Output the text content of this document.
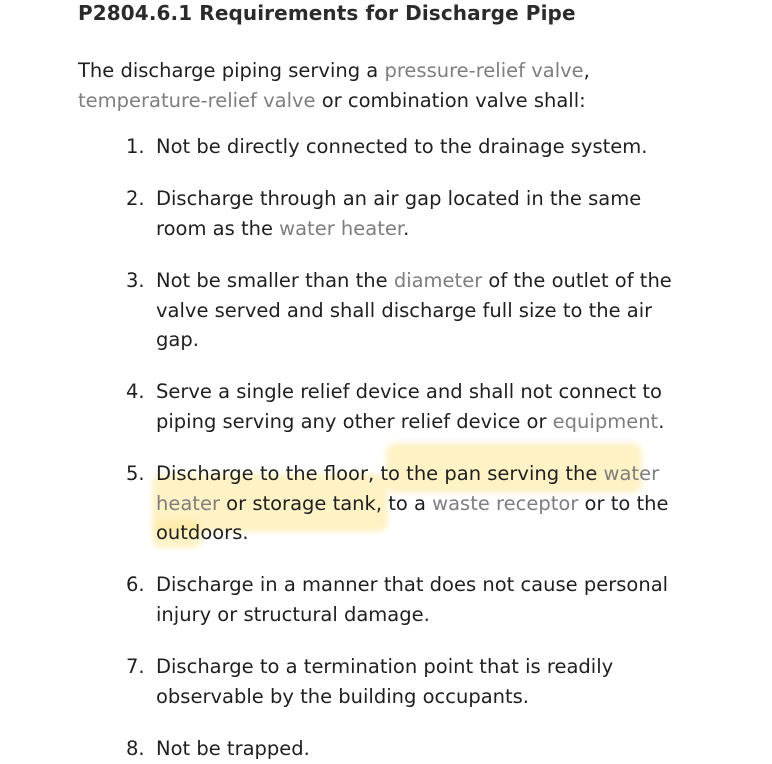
P2804.6.1 Requirements for Discharge Pipe
The discharge piping serving a pressure-relief valve,
temperature-relief valve or combination valve shall:
1. Not be directly connected to the drainage system.
2. Discharge through an air gap located in the same
room as the water heater.
3. Not be smaller than the diameter of the outlet of the
valve served and shall discharge full size to the air
gap.
4. Serve a single relief device and shall not connect to
piping serving any other relief device or equipment.
5. Discharge to the floor, to the pan serving the water
heater or storage tank, to a waste receptor or to the
outdoors.
6. Discharge in a manner that does not cause personal
injury or structural damage.
7. Discharge to a termination point that is readily
observable by the building occupants.
8. Not be trapped.
